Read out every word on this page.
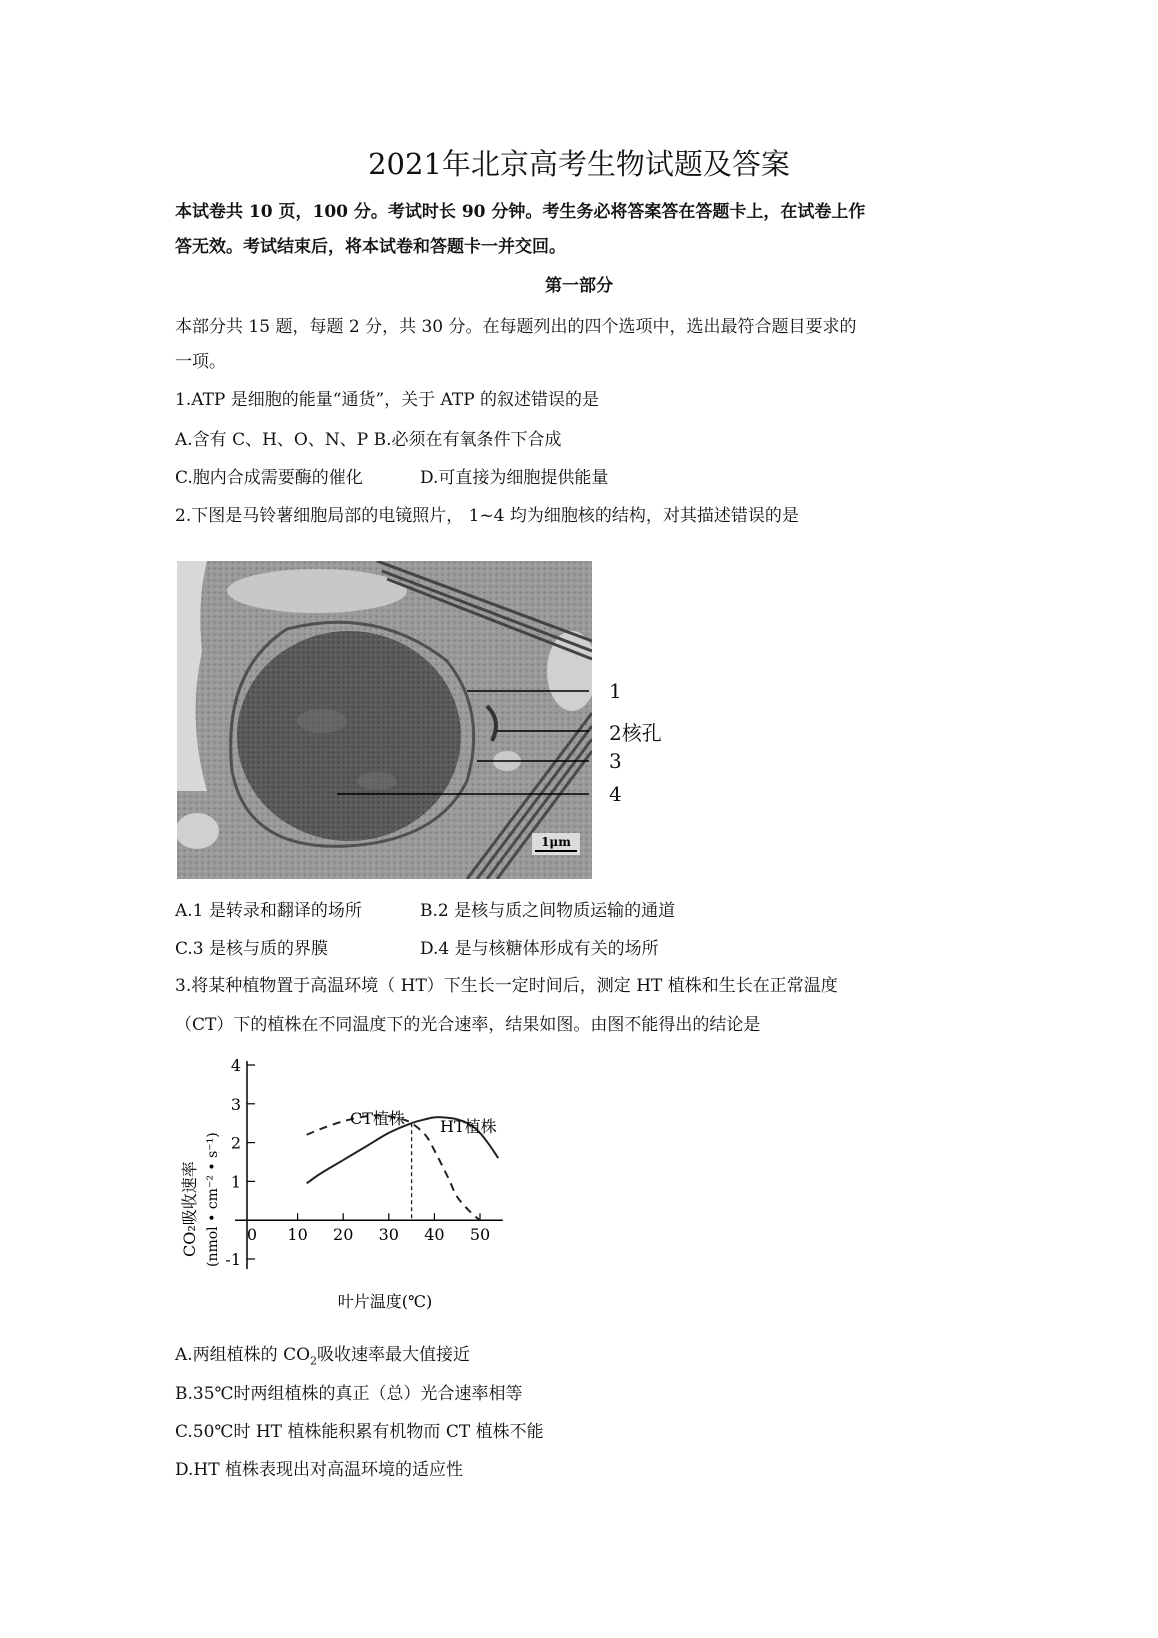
2021年北京高考生物试题及答案
本试卷共 10 页，100 分。考试时长 90 分钟。考生务必将答案答在答题卡上，在试卷上作
答无效。考试结束后，将本试卷和答题卡一并交回。
第一部分
本部分共 15 题，每题 2 分，共 30 分。在每题列出的四个选项中，选出最符合题目要求的
一项。
1.ATP 是细胞的能量“通货”，关于 ATP 的叙述错误的是
A.含有 C、H、O、N、P B.必须在有氧条件下合成
C.胞内合成需要酶的催化	D.可直接为细胞提供能量
2.下图是马铃薯细胞局部的电镜照片， 1~4 均为细胞核的结构，对其描述错误的是
1μm
1
2核孔
3
4
A.1 是转录和翻译的场所	B.2 是核与质之间物质运输的通道
C.3 是核与质的界膜	D.4 是与核糖体形成有关的场所
3.将某种植物置于高温环境（ HT）下生长一定时间后，测定 HT 植株和生长在正常温度
（CT）下的植株在不同温度下的光合速率，结果如图。由图不能得出的结论是
4
3
2
1
-1
0 10 20 30 40 50
CO₂吸收速率 (nmol • cm⁻² • s⁻¹)
叶片温度(℃)
CT植株 HT植株
A.两组植株的 $CO_2$吸收速率最大值接近
B.35℃时两组植株的真正（总）光合速率相等
C.50℃时 HT 植株能积累有机物而 CT 植株不能
D.HT 植株表现出对高温环境的适应性
